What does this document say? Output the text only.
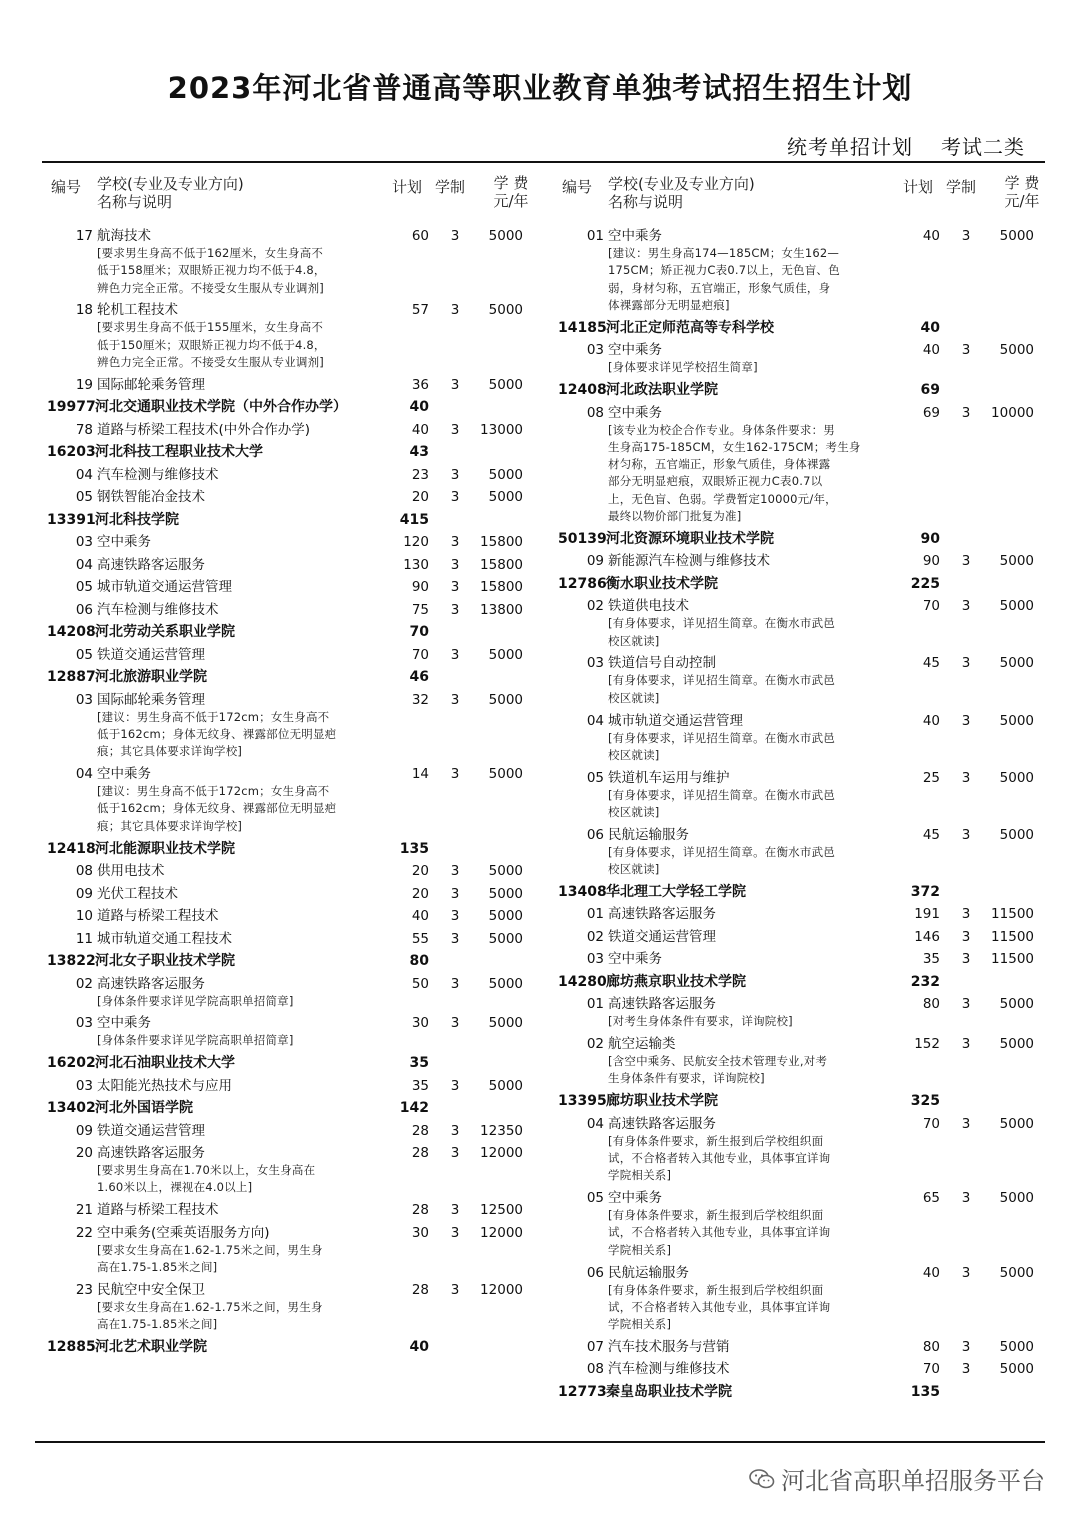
2023年河北省普通高等职业教育单独考试招生招生计划
统考单招计划 考试二类
编号 学校(专业及专业方向)
名称与说明
计划 学制	学 费
元/年
17 航海技术	60	3	5000
[要求男生身高不低于162厘米，女生身高不
低于158厘米；双眼矫正视力均不低于4.8，
辨色力完全正常。不接受女生服从专业调剂]
18 轮机工程技术	57	3	5000
[要求男生身高不低于155厘米，女生身高不
低于150厘米；双眼矫正视力均不低于4.8，
辨色力完全正常。不接受女生服从专业调剂]
19 国际邮轮乘务管理	36	3	5000
19977 河北交通职业技术学院（中外合作办学）	40
78 道路与桥梁工程技术(中外合作办学)	40	3	13000
16203 河北科技工程职业技术大学	43
04 汽车检测与维修技术	23	3	5000
05 钢铁智能冶金技术	20	3	5000
13391 河北科技学院	415
03 空中乘务	120	3	15800
04 高速铁路客运服务	130	3	15800
05 城市轨道交通运营管理	90	3	15800
06 汽车检测与维修技术	75	3	13800
14208 河北劳动关系职业学院	70
05 铁道交通运营管理	70	3	5000
12887 河北旅游职业学院	46
03 国际邮轮乘务管理	32	3	5000
[建议：男生身高不低于172cm；女生身高不
低于162cm；身体无纹身、裸露部位无明显疤
痕；其它具体要求详询学校]
04 空中乘务	14	3	5000
[建议：男生身高不低于172cm；女生身高不
低于162cm；身体无纹身、裸露部位无明显疤
痕；其它具体要求详询学校]
12418 河北能源职业技术学院	135
08 供用电技术	20	3	5000
09 光伏工程技术	20	3	5000
10 道路与桥梁工程技术	40	3	5000
11 城市轨道交通工程技术	55	3	5000
13822 河北女子职业技术学院	80
02 高速铁路客运服务	50	3	5000
[身体条件要求详见学院高职单招简章]
03 空中乘务	30	3	5000
[身体条件要求详见学院高职单招简章]
16202 河北石油职业技术大学	35
03 太阳能光热技术与应用	35	3	5000
13402 河北外国语学院	142
09 铁道交通运营管理	28	3	12350
20 高速铁路客运服务	28	3	12000
[要求男生身高在1.70米以上，女生身高在
1.60米以上，裸视在4.0以上]
21 道路与桥梁工程技术	28	3	12500
22 空中乘务(空乘英语服务方向)	30	3	12000
[要求女生身高在1.62-1.75米之间，男生身
高在1.75-1.85米之间]
23 民航空中安全保卫	28	3	12000
[要求女生身高在1.62-1.75米之间，男生身
高在1.75-1.85米之间]
12885 河北艺术职业学院	40
编号 学校(专业及专业方向)
名称与说明
计划 学制	学 费
元/年
01 空中乘务	40	3	5000
[建议：男生身高174—185CM；女生162—
175CM；矫正视力C表0.7以上，无色盲、色
弱，身材匀称，五官端正，形象气质佳，身
体裸露部分无明显疤痕]
14185 河北正定师范高等专科学校	40
03 空中乘务	40	3	5000
[身体要求详见学校招生简章]
12408 河北政法职业学院	69
08 空中乘务	69	3	10000
[该专业为校企合作专业。身体条件要求：男
生身高175-185CM，女生162-175CM；考生身
材匀称，五官端正，形象气质佳，身体裸露
部分无明显疤痕，双眼矫正视力C表0.7以
上，无色盲、色弱。学费暂定10000元/年，
最终以物价部门批复为准]
50139 河北资源环境职业技术学院	90
09 新能源汽车检测与维修技术	90	3	5000
12786 衡水职业技术学院	225
02 铁道供电技术	70	3	5000
[有身体要求，详见招生简章。在衡水市武邑
校区就读]
03 铁道信号自动控制	45	3	5000
[有身体要求，详见招生简章。在衡水市武邑
校区就读]
04 城市轨道交通运营管理	40	3	5000
[有身体要求，详见招生简章。在衡水市武邑
校区就读]
05 铁道机车运用与维护	25	3	5000
[有身体要求，详见招生简章。在衡水市武邑
校区就读]
06 民航运输服务	45	3	5000
[有身体要求，详见招生简章。在衡水市武邑
校区就读]
13408 华北理工大学轻工学院	372
01 高速铁路客运服务	191	3	11500
02 铁道交通运营管理	146	3	11500
03 空中乘务	35	3	11500
14280 廊坊燕京职业技术学院	232
01 高速铁路客运服务	80	3	5000
[对考生身体条件有要求，详询院校]
02 航空运输类	152	3	5000
[含空中乘务、民航安全技术管理专业,对考
生身体条件有要求，详询院校]
13395 廊坊职业技术学院	325
04 高速铁路客运服务	70	3	5000
[有身体条件要求，新生报到后学校组织面
试，不合格者转入其他专业，具体事宜详询
学院相关系]
05 空中乘务	65	3	5000
[有身体条件要求，新生报到后学校组织面
试，不合格者转入其他专业，具体事宜详询
学院相关系]
06 民航运输服务	40	3	5000
[有身体条件要求，新生报到后学校组织面
试，不合格者转入其他专业，具体事宜详询
学院相关系]
07 汽车技术服务与营销	80	3	5000
08 汽车检测与维修技术	70	3	5000
12773 秦皇岛职业技术学院	135
河北省高职单招服务平台
